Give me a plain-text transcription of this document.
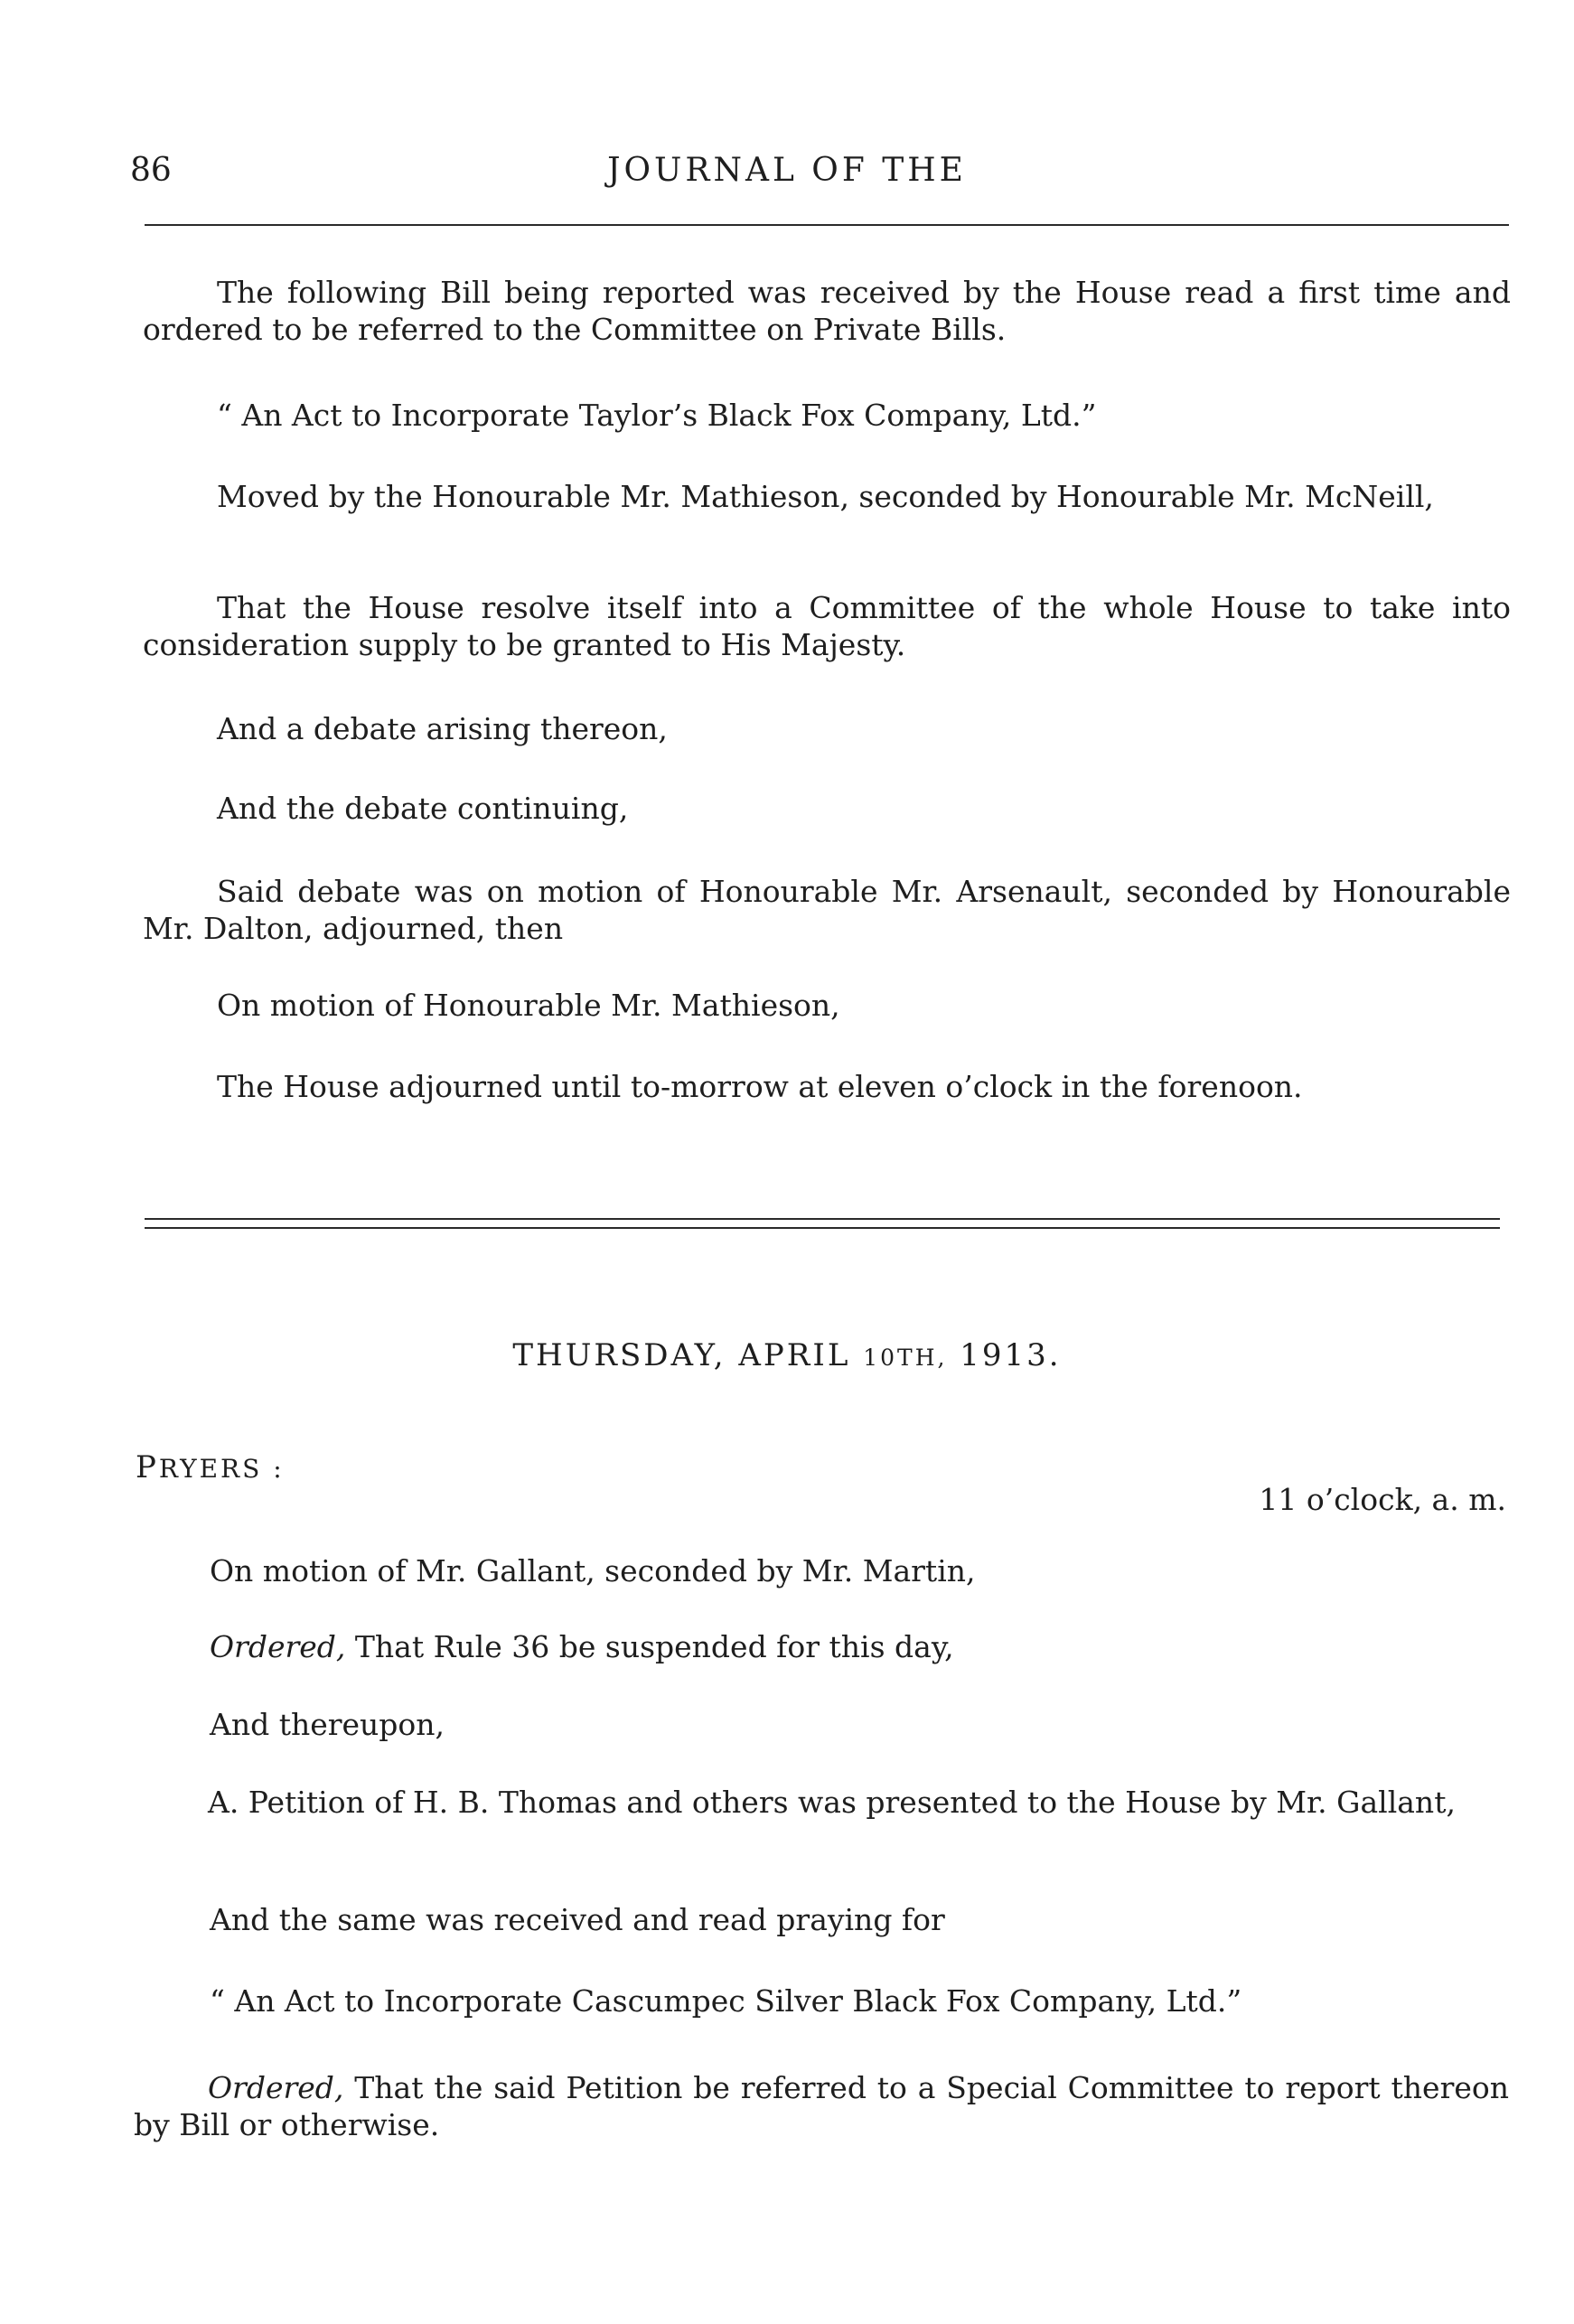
86	JOURNAL OF THE
The following Bill being reported was received by the House read a first time and ordered to be referred to the Committee on Private Bills.
“ An Act to Incorporate Taylor’s Black Fox Company, Ltd.”
Moved by the Honourable Mr. Mathieson, seconded by Honourable Mr. McNeill,
That the House resolve itself into a Committee of the whole House to take into consideration supply to be granted to His Majesty.
And a debate arising thereon,
And the debate continuing,
Said debate was on motion of Honourable Mr. Arsenault, seconded by Honourable Mr. Dalton, adjourned, then
On motion of Honourable Mr. Mathieson,
The House adjourned until to-morrow at eleven o’clock in the forenoon.
THURSDAY, APRIL 10TH, 1913.
PRYERS :
11 o’clock, a. m.
On motion of Mr. Gallant, seconded by Mr. Martin,
Ordered, That Rule 36 be suspended for this day,
And thereupon,
A. Petition of H. B. Thomas and others was presented to the House by Mr. Gallant,
And the same was received and read praying for
“ An Act to Incorporate Cascumpec Silver Black Fox Company, Ltd.”
Ordered, That the said Petition be referred to a Special Committee to report thereon by Bill or otherwise.
